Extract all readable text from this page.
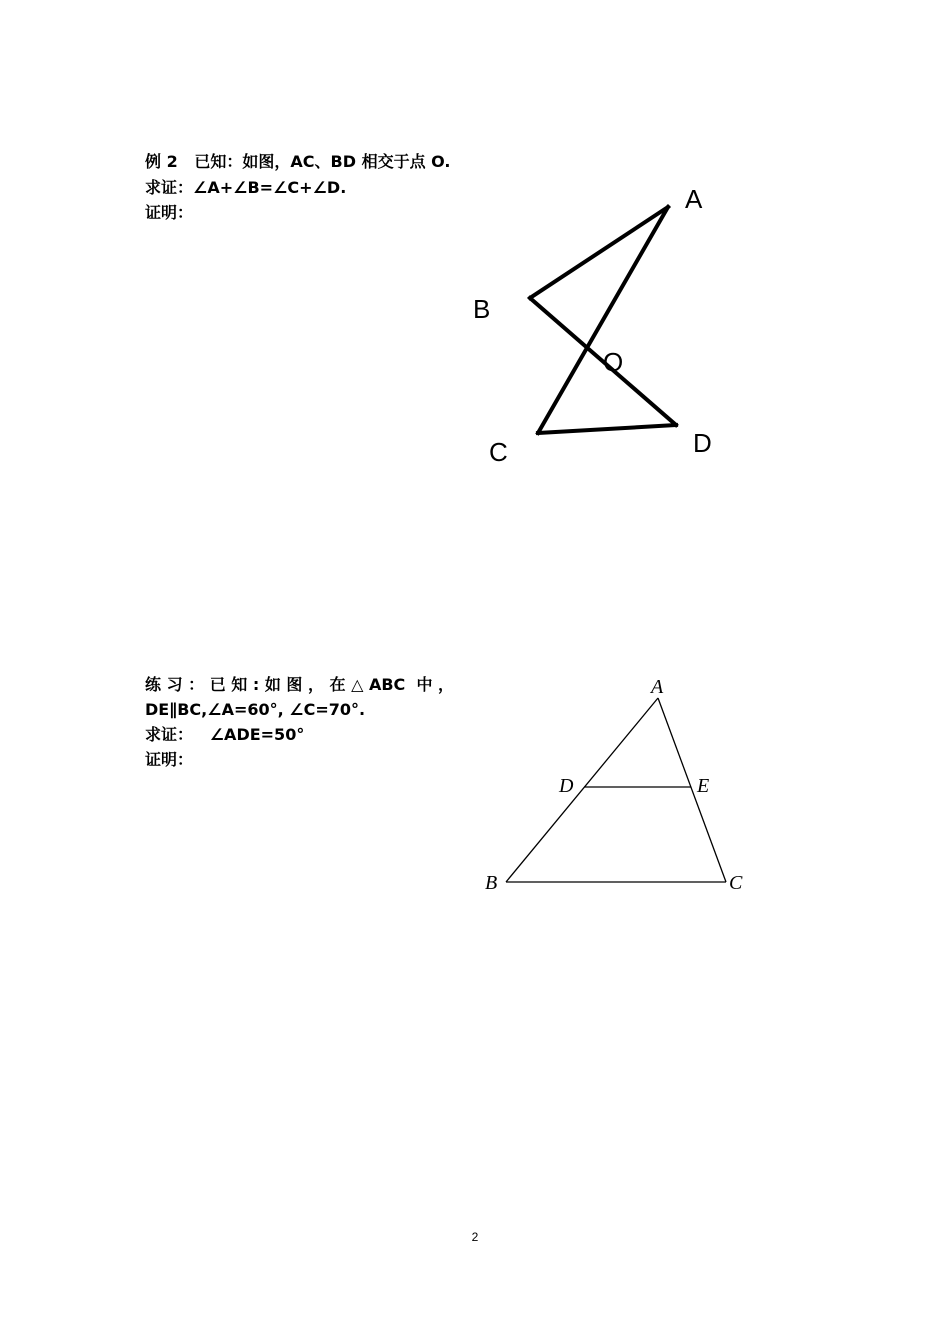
例 2   已知：如图，AC、BD 相交于点 O.
求证：∠A+∠B=∠C+∠D.
证明：	A
B
O
C	D
练 习 ： 已 知 : 如 图 ， 在 △ ABC  中 ，
DE∥BC,∠A=60°, ∠C=70°.
求证：   ∠ADE=50°
证明：
A
D	E
B	C
2
